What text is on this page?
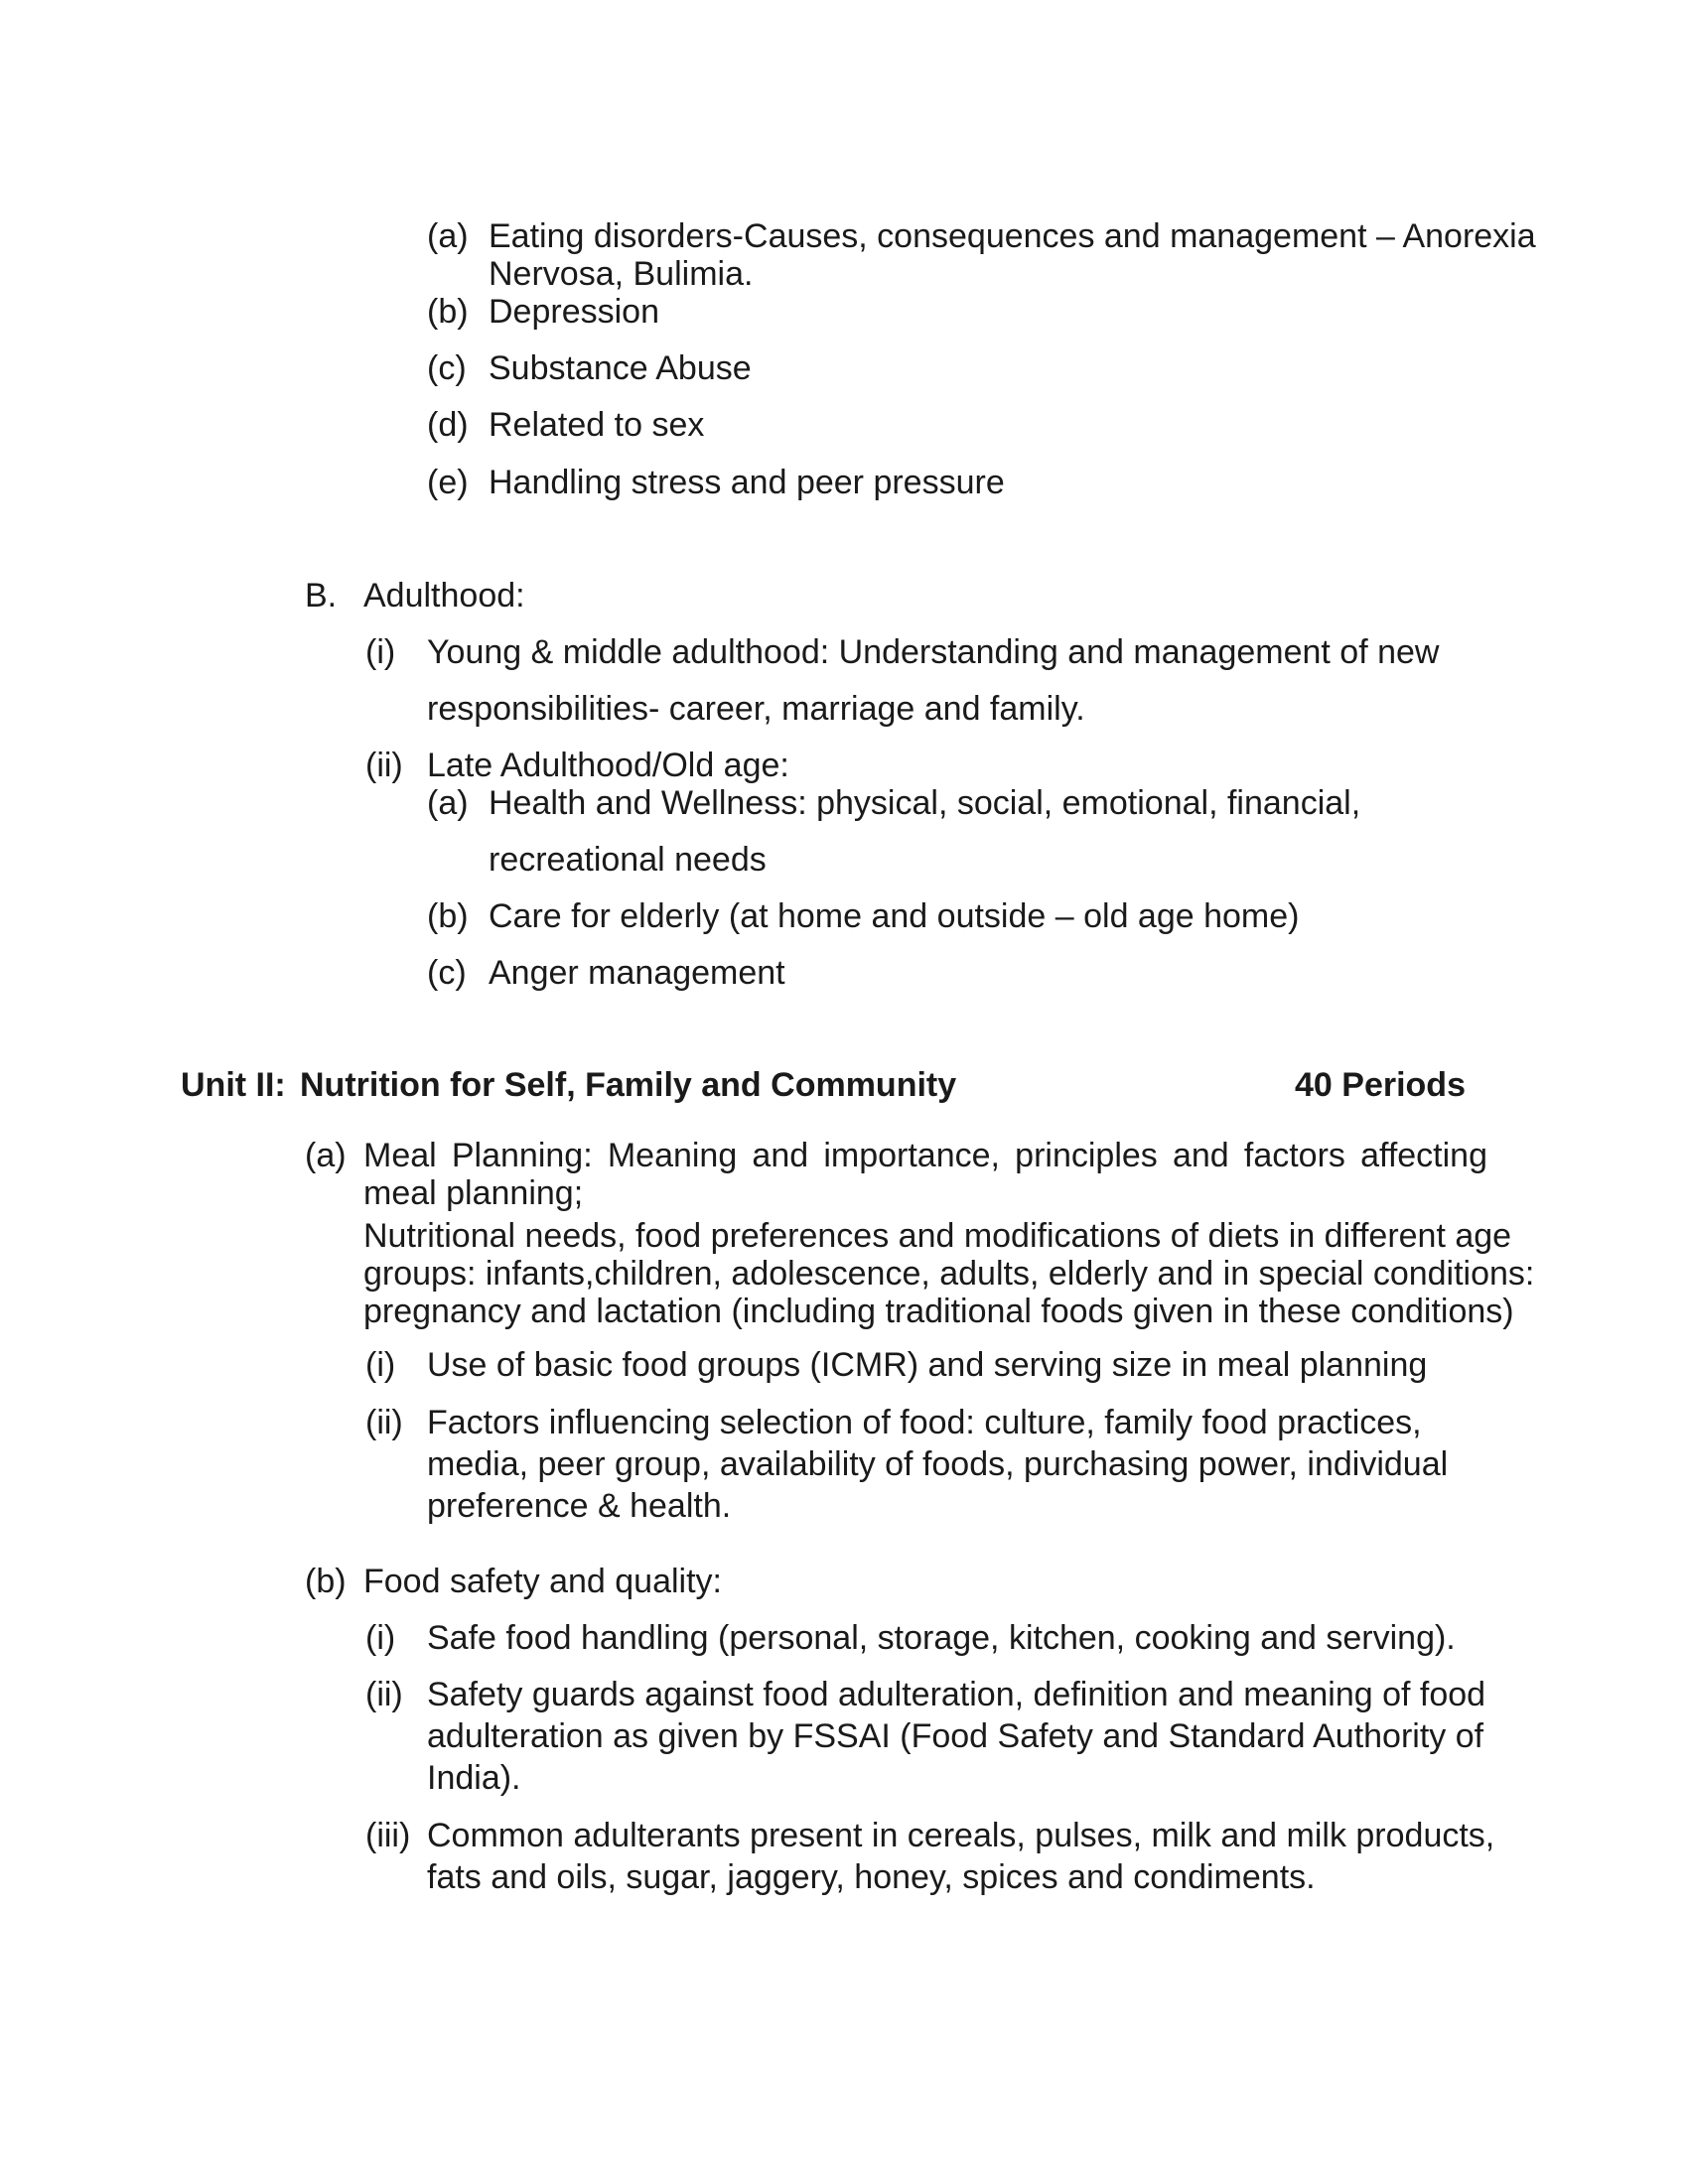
(a) Eating disorders-Causes, consequences and management – Anorexia
Nervosa, Bulimia.
(b) Depression
(c) Substance Abuse
(d) Related to sex
(e) Handling stress and peer pressure
B. Adulthood:
(i) Young & middle adulthood: Understanding and management of new
responsibilities- career, marriage and family.
(ii) Late Adulthood/Old age:
(a) Health and Wellness: physical, social, emotional, financial,
recreational needs
(b) Care for elderly (at home and outside – old age home)
(c) Anger management
Unit II: Nutrition for Self, Family and Community	40 Periods
(a) Meal Planning: Meaning and importance, principles and factors affecting
meal planning;
Nutritional needs, food preferences and modifications of diets in different age
groups: infants,children, adolescence, adults, elderly and in special conditions:
pregnancy and lactation (including traditional foods given in these conditions)
(i) Use of basic food groups (ICMR) and serving size in meal planning
(ii) Factors influencing selection of food: culture, family food practices,
media, peer group, availability of foods, purchasing power, individual
preference & health.
(b) Food safety and quality:
(i) Safe food handling (personal, storage, kitchen, cooking and serving).
(ii) Safety guards against food adulteration, definition and meaning of food
adulteration as given by FSSAI (Food Safety and Standard Authority of
India).
(iii) Common adulterants present in cereals, pulses, milk and milk products,
fats and oils, sugar, jaggery, honey, spices and condiments.
